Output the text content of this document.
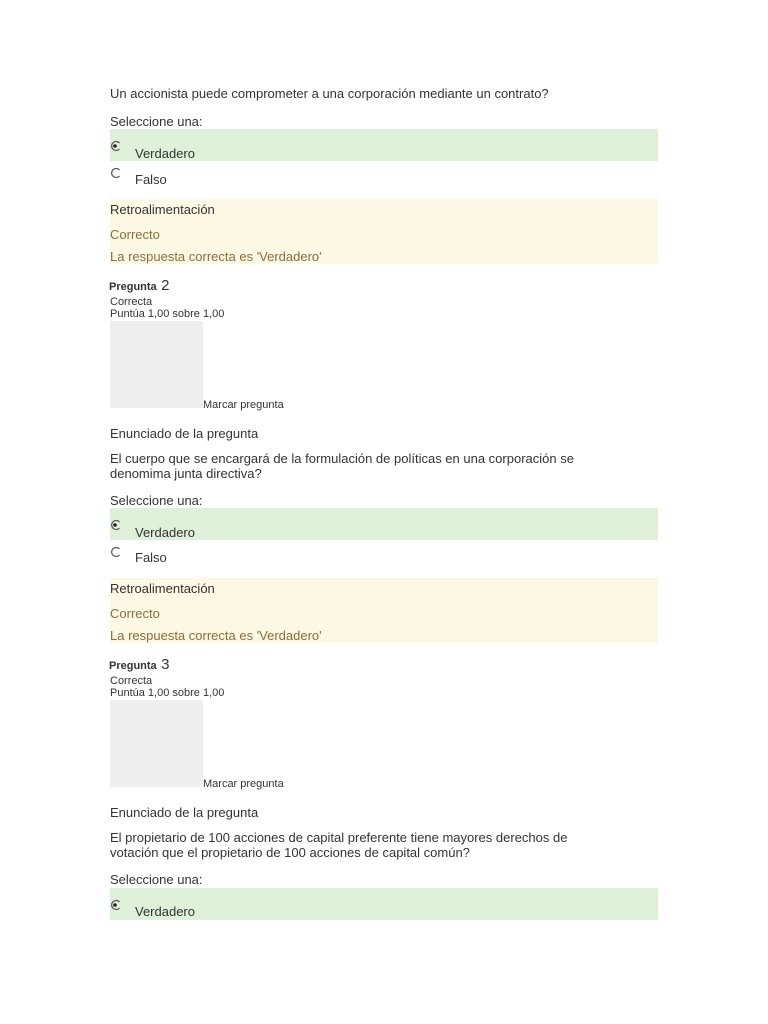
Un accionista puede comprometer a una corporación mediante un contrato?
Seleccione una:
Verdadero
Falso
Retroalimentación
Correcto
La respuesta correcta es 'Verdadero'
Pregunta 2
Correcta
Puntúa 1,00 sobre 1,00
Marcar pregunta
Enunciado de la pregunta
El cuerpo que se encargará de la formulación de políticas en una corporación se
denomima junta directiva?
Seleccione una:
Verdadero
Falso
Retroalimentación
Correcto
La respuesta correcta es 'Verdadero'
Pregunta 3
Correcta
Puntúa 1,00 sobre 1,00
Marcar pregunta
Enunciado de la pregunta
El propietario de 100 acciones de capital preferente tiene mayores derechos de
votación que el propietario de 100 acciones de capital común?
Seleccione una:
Verdadero
